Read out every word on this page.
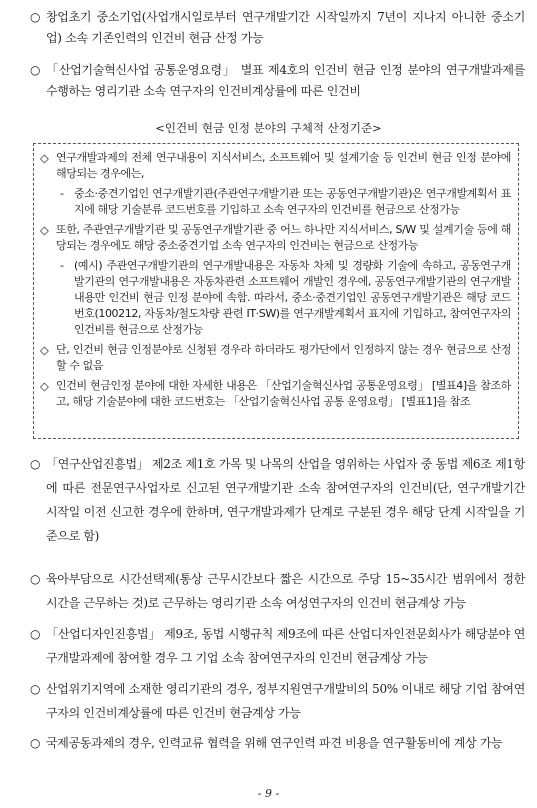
○ 창업초기 중소기업(사업개시일로부터 연구개발기간 시작일까지 7년이 지나지 아니한 중소기업) 소속 기존인력의 인건비 현금 산정 가능
○ 「산업기술혁신사업 공통운영요령」 별표 제4호의 인건비 현금 인정 분야의 연구개발과제를 수행하는 영리기관 소속 연구자의 인건비계상률에 따른 인건비
<인건비 현금 인정 분야의 구체적 산정기준>
◇ 연구개발과제의 전체 연구내용이 지식서비스, 소프트웨어 및 설계기술 등 인건비 현금 인정 분야에 해당되는 경우에는,
- 중소·중견기업인 연구개발기관(주관연구개발기관 또는 공동연구개발기관)은 연구개발계획서 표지에 해당 기술분류 코드번호를 기입하고 소속 연구자의 인건비를 현금으로 산정가능
◇ 또한, 주관연구개발기관 및 공동연구개발기관 중 어느 하나만 지식서비스, S/W 및 설계기술 등에 해당되는 경우에도 해당 중소중견기업 소속 연구자의 인건비는 현금으로 산정가능
- (예시) 주관연구개발기관의 연구개발내용은 자동차 차체 및 경량화 기술에 속하고, 공동연구개발기관의 연구개발내용은 자동차관련 소프트웨어 개발인 경우에, 공동연구개발기관의 연구개발내용만 인건비 현금 인정 분야에 속함. 따라서, 중소·중견기업인 공동연구개발기관은 해당 코드번호(100212, 자동차/철도차량 관련 IT·SW)를 연구개발계획서 표지에 기입하고, 참여연구자의 인건비를 현금으로 산정가능
◇ 단, 인건비 현금 인정분야로 신청된 경우라 하더라도 평가단에서 인정하지 않는 경우 현금으로 산정할 수 없음
◇ 인건비 현금인정 분야에 대한 자세한 내용은 「산업기술혁신사업 공통운영요령」 [별표4]을 참조하고, 해당 기술분야에 대한 코드번호는 「산업기술혁신사업 공통 운영요령」 [별표1]을 참조
○ 「연구산업진흥법」 제2조 제1호 가목 및 나목의 산업을 영위하는 사업자 중 동법 제6조 제1항에 따른 전문연구사업자로 신고된 연구개발기관 소속 참여연구자의 인건비(단, 연구개발기간 시작일 이전 신고한 경우에 한하며, 연구개발과제가 단계로 구분된 경우 해당 단계 시작일을 기준으로 함)
○ 육아부담으로 시간선택제(통상 근무시간보다 짧은 시간으로 주당 15~35시간 범위에서 정한 시간을 근무하는 것)로 근무하는 영리기관 소속 여성연구자의 인건비 현금계상 가능
○ 「산업디자인진흥법」 제9조, 동법 시행규칙 제9조에 따른 산업디자인전문회사가 해당분야 연구개발과제에 참여할 경우 그 기업 소속 참여연구자의 인건비 현금계상 가능
○ 산업위기지역에 소재한 영리기관의 경우, 정부지원연구개발비의 50% 이내로 해당 기업 참여연구자의 인건비계상률에 따른 인건비 현금계상 가능
○ 국제공동과제의 경우, 인력교류 협력을 위해 연구인력 파견 비용을 연구활동비에 계상 가능
- 9 -
